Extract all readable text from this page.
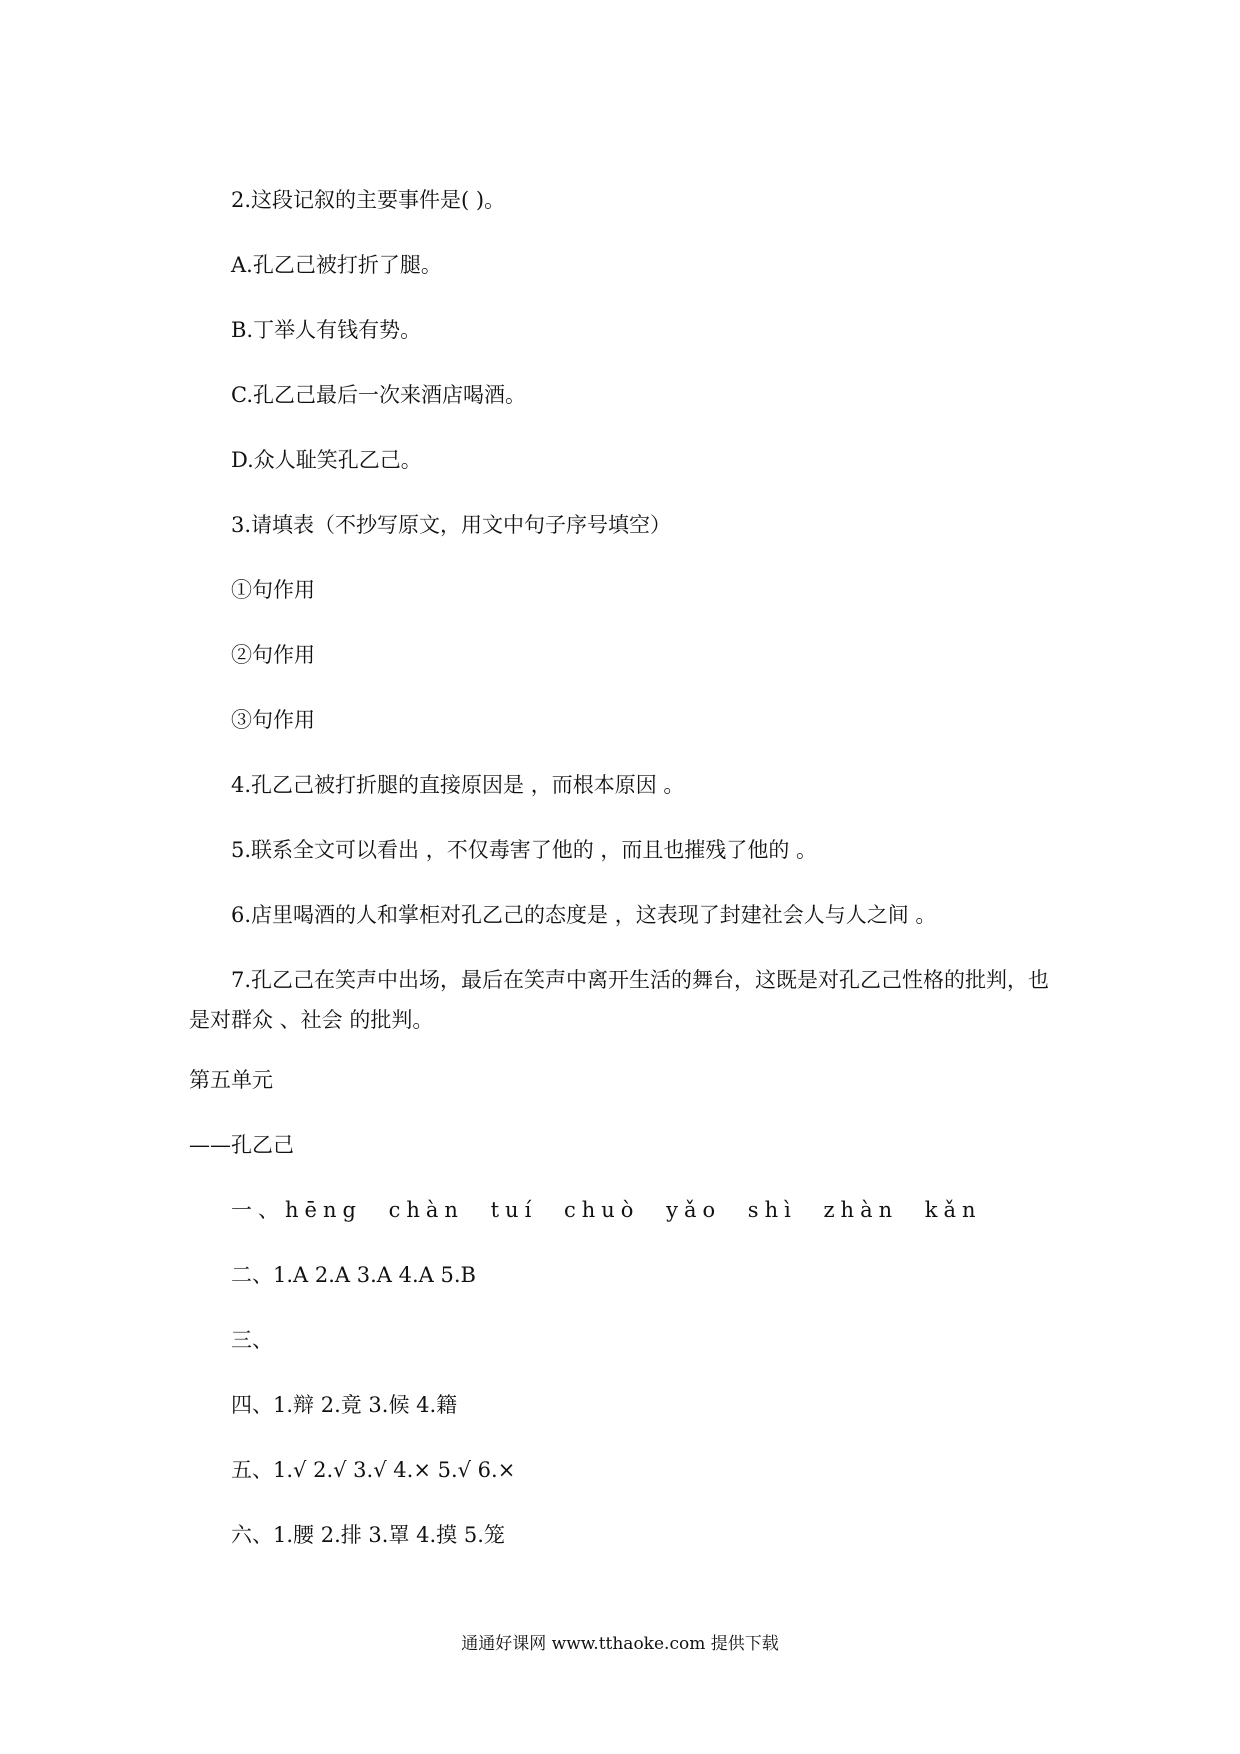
2.这段记叙的主要事件是( )。
A.孔乙己被打折了腿。
B.丁举人有钱有势。
C.孔乙己最后一次来酒店喝酒。
D.众人耻笑孔乙己。
3.请填表（不抄写原文，用文中句子序号填空）
①句作用
②句作用
③句作用
4.孔乙己被打折腿的直接原因是 ，而根本原因 。
5.联系全文可以看出 ，不仅毒害了他的 ，而且也摧残了他的 。
6.店里喝酒的人和掌柜对孔乙己的态度是 ，这表现了封建社会人与人之间 。
7.孔乙己在笑声中出场，最后在笑声中离开生活的舞台，这既是对孔乙己性格的批判，也是对群众 、社会 的批判。
第五单元
——孔乙己
一、hēng chàn tuí chuò yǎo shì zhàn kǎn
二、1.A 2.A 3.A 4.A 5.B
三、
四、1.辩 2.竟 3.候 4.籍
五、1.√ 2.√ 3.√ 4.× 5.√ 6.×
六、1.腰 2.排 3.罩 4.摸 5.笼
通通好课网 www.tthaoke.com 提供下载
